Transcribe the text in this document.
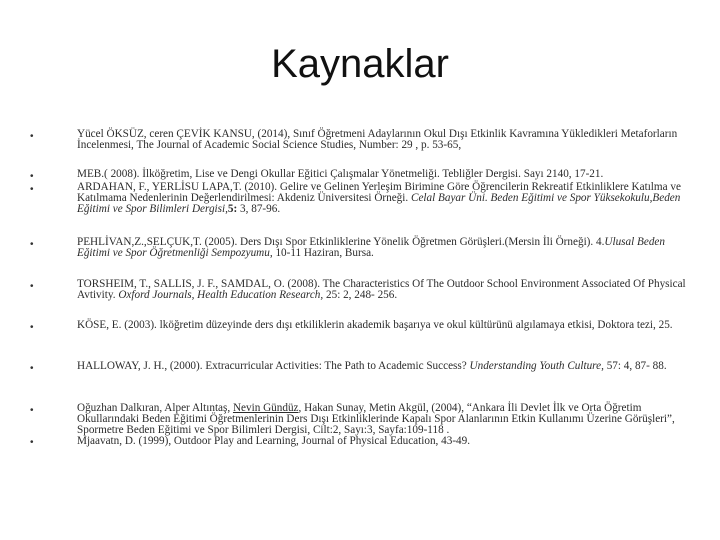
Kaynaklar
•	Yücel ÖKSÜZ, ceren ÇEVİK KANSU, (2014), Sınıf Öğretmeni Adaylarının Okul Dışı Etkinlik Kavramına Yükledikleri Metaforların İncelenmesi, The Journal of Academic Social Science Studies, Number: 29 , p. 53-65,
•	MEB.( 2008). İlköğretim, Lise ve Dengi Okullar Eğitici Çalışmalar Yönetmeliği. Tebliğler Dergisi. Sayı 2140, 17-21.
•	ARDAHAN, F., YERLİSU LAPA,T. (2010). Gelire ve Gelinen Yerleşim Birimine Göre Öğrencilerin Rekreatif Etkinliklere Katılma ve Katılmama Nedenlerinin Değerlendirilmesi: Akdeniz Üniversitesi Örneği. Celal Bayar Üni. Beden Eğitimi ve Spor Yüksekokulu,Beden Eğitimi ve Spor Bilimleri Dergisi,5: 3, 87-96.
•	PEHLİVAN,Z.,SELÇUK,T. (2005). Ders Dışı Spor Etkinliklerine Yönelik Öğretmen Görüşleri.(Mersin İli Örneği). 4.Ulusal Beden Eğitimi ve Spor Öğretmenliği Sempozyumu, 10-11 Haziran, Bursa.
•	TORSHEIM, T., SALLIS, J. F., SAMDAL, O. (2008). The Characteristics Of The Outdoor School Environment Associated Of Physical Avtivity. Oxford Journals, Health Education Research, 25: 2, 248- 256.
•	KÖSE, E. (2003). lköğretim düzeyinde ders dışı etkiliklerin akademik başarıya ve okul kültürünü algılamaya etkisi, Doktora tezi, 25.
•	HALLOWAY, J. H., (2000). Extracurricular Activities: The Path to Academic Success? Understanding Youth Culture, 57: 4, 87- 88.
•	Oğuzhan Dalkıran, Alper Altıntaş, Nevin Gündüz, Hakan Sunay, Metin Akgül, (2004), “Ankara İli Devlet İlk ve Orta Öğretim Okullarındaki Beden Eğitimi Öğretmenlerinin Ders Dışı Etkinliklerinde Kapalı Spor Alanlarının Etkin Kullanımı Üzerine Görüşleri”, Spormetre Beden Eğitimi ve Spor Bilimleri Dergisi, Cilt:2, Sayı:3, Sayfa:109-118 .
•	Mjaavatn, D. (1999), Outdoor Play and Learning, Journal of Physical Education, 43-49.
